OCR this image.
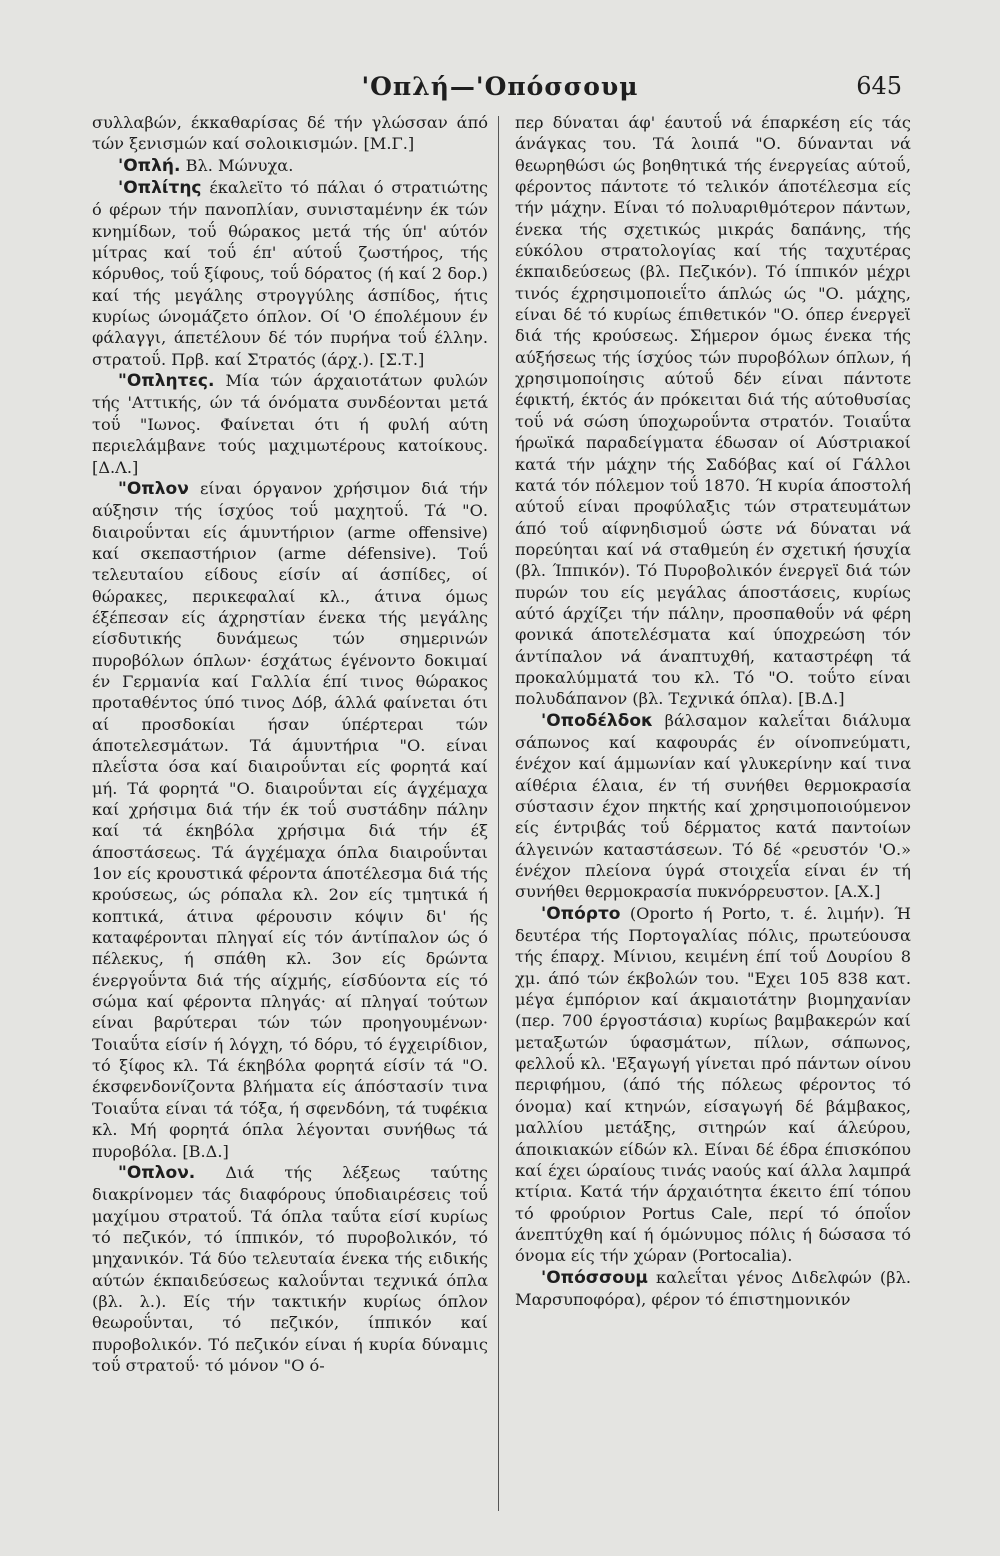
'Οπλή—'Οπόσσουμ	645

συλλαβών, έκκαθαρίσας δέ τήν γλώσσαν άπό τών ξενισμών καί σολοικισμών. [Μ.Γ.]

'Οπλή. Βλ. Μώνυχα.

'Οπλίτης έκαλεϊτο τό πάλαι ό στρατιώτης ό φέρων τήν πανοπλίαν, συνισταμένην έκ τών κνημίδων, τοΰ θώρακος μετά τής ύπ' αύτόν μίτρας καί τοΰ έπ' αύτοΰ ζωστήρος, τής κόρυθος, τοΰ ξίφους, τοΰ δόρατος (ή καί 2 δορ.) καί τής μεγάλης στρογγύλης άσπίδος, ήτις κυρίως ώνομάζετο όπλον. Οί 'Ο έπολέμουν έν φάλαγγι, άπετέλουν δέ τόν πυρήνα τοΰ έλλην. στρατοΰ. Πρβ. καί Στρατός (άρχ.). [Σ.Τ.]

"Οπλητες. Μία τών άρχαιοτάτων φυλών τής 'Αττικής, ών τά όνόματα συνδέονται μετά τοΰ "Ιωνος. Φαίνεται ότι ή φυλή αύτη περιελάμβανε τούς μαχιμωτέρους κατοίκους. [Δ.Λ.]

"Οπλον είναι όργανον χρήσιμον διά τήν αύξησιν τής ίσχύος τοΰ μαχητοΰ. Τά "Ο. διαιροΰνται είς άμυντήριον (arme offensive) καί σκεπαστήριον (arme défensive). Τοΰ τελευταίου είδους είσίν αί άσπίδες, οί θώρακες, περικεφαλαί κλ., άτινα όμως έξέπεσαν είς άχρηστίαν ένεκα τής μεγάλης είσδυτικής δυνάμεως τών σημερινών πυροβόλων όπλων· έσχάτως έγένοντο δοκιμαί έν Γερμανία καί Γαλλία έπί τινος θώρακος προταθέντος ύπό τινος Δόβ, άλλά φαίνεται ότι αί προσδοκίαι ήσαν ύπέρτεραι τών άποτελεσμάτων. Τά άμυντήρια "Ο. είναι πλεΐστα όσα καί διαιροΰνται είς φορητά καί μή. Τά φορητά "Ο. διαιροΰνται είς άγχέμαχα καί χρήσιμα διά τήν έκ τοΰ συστάδην πάλην καί τά έκηβόλα χρήσιμα διά τήν έξ άποστάσεως. Τά άγχέμαχα όπλα διαιροΰνται 1ον είς κρουστικά φέροντα άποτέλεσμα διά τής κρούσεως, ώς ρόπαλα κλ. 2ον είς τμητικά ή κοπτικά, άτινα φέρουσιν κόψιν δι' ής καταφέρονται πληγαί είς τόν άντίπαλον ώς ό πέλεκυς, ή σπάθη κλ. 3ον είς δρώντα ένεργοΰντα διά τής αίχμής, είσδύοντα είς τό σώμα καί φέροντα πληγάς· αί πληγαί τούτων είναι βαρύτεραι τών τών προηγουμένων· Τοιαΰτα είσίν ή λόγχη, τό δόρυ, τό έγχειρίδιον, τό ξίφος κλ. Τά έκηβόλα φορητά είσίν τά "Ο. έκσφενδονίζοντα βλήματα είς άπόστασίν τινα Τοιαΰτα είναι τά τόξα, ή σφενδόνη, τά τυφέκια κλ. Μή φορητά όπλα λέγονται συνήθως τά πυροβόλα. [Β.Δ.]

"Οπλον. Διά τής λέξεως ταύτης διακρίνομεν τάς διαφόρους ύποδιαιρέσεις τοΰ μαχίμου στρατοΰ. Τά όπλα ταΰτα είσί κυρίως τό πεζικόν, τό ίππικόν, τό πυροβολικόν, τό μηχανικόν. Τά δύο τελευταία ένεκα τής ειδικής αύτών έκπαιδεύσεως καλοΰνται τεχνικά όπλα (βλ. λ.). Είς τήν τακτικήν κυρίως όπλον θεωροΰνται, τό πεζικόν, ίππικόν καί πυροβολικόν. Τό πεζικόν είναι ή κυρία δύναμις τοΰ στρατοΰ· τό μόνον "Ο ό-

περ δύναται άφ' έαυτοΰ νά έπαρκέση είς τάς άνάγκας του. Τά λοιπά "Ο. δύνανται νά θεωρηθώσι ώς βοηθητικά τής ένεργείας αύτοΰ, φέροντος πάντοτε τό τελικόν άποτέλεσμα είς τήν μάχην. Είναι τό πολυαριθμότερον πάντων, ένεκα τής σχετικώς μικράς δαπάνης, τής εύκόλου στρατολογίας καί τής ταχυτέρας έκπαιδεύσεως (βλ. Πεζικόν). Τό ίππικόν μέχρι τινός έχρησιμοποιεΐτο άπλώς ώς "Ο. μάχης, είναι δέ τό κυρίως έπιθετικόν "Ο. όπερ ένεργεϊ διά τής κρούσεως. Σήμερον όμως ένεκα τής αύξήσεως τής ίσχύος τών πυροβόλων όπλων, ή χρησιμοποίησις αύτοΰ δέν είναι πάντοτε έφικτή, έκτός άν πρόκειται διά τής αύτοθυσίας τοΰ νά σώση ύποχωροΰντα στρατόν. Τοιαΰτα ήρωϊκά παραδείγματα έδωσαν οί Αύστριακοί κατά τήν μάχην τής Σαδόβας καί οί Γάλλοι κατά τόν πόλεμον τοΰ 1870. Ή κυρία άποστολή αύτοΰ είναι προφύλαξις τών στρατευμάτων άπό τοΰ αίφνηδισμοΰ ώστε νά δύναται νά πορεύηται καί νά σταθμεύη έν σχετική ήσυχία (βλ. Ίππικόν). Τό Πυροβολικόν ένεργεϊ διά τών πυρών του είς μεγάλας άποστάσεις, κυρίως αύτό άρχίζει τήν πάλην, προσπαθοΰν νά φέρη φονικά άποτελέσματα καί ύποχρεώση τόν άντίπαλον νά άναπτυχθή, καταστρέφη τά προκαλύμματά του κλ. Τό "Ο. τοΰτο είναι πολυδάπανον (βλ. Τεχνικά όπλα). [Β.Δ.]

'Οποδέλδοκ βάλσαμον καλεΐται διάλυμα σάπωνος καί καφουράς έν οίνοπνεύματι, ένέχον καί άμμωνίαν καί γλυκερίνην καί τινα αίθέρια έλαια, έν τή συνήθει θερμοκρασία σύστασιν έχον πηκτής καί χρησιμοποιούμενον είς έντριβάς τοΰ δέρματος κατά παντοίων άλγεινών καταστάσεων. Τό δέ «ρευστόν 'Ο.» ένέχον πλείονα ύγρά στοιχεΐα είναι έν τή συνήθει θερμοκρασία πυκνόρρευστον. [Α.Χ.]

'Οπόρτο (Oporto ή Porto, τ. έ. λιμήν). Ή δευτέρα τής Πορτογαλίας πόλις, πρωτεύουσα τής έπαρχ. Μίνιου, κειμένη έπί τοΰ Δουρίου 8 χμ. άπό τών έκβολών του. "Εχει 105 838 κατ. μέγα έμπόριον καί άκμαιοτάτην βιομηχανίαν (περ. 700 έργοστάσια) κυρίως βαμβακερών καί μεταξωτών ύφασμάτων, πίλων, σάπωνος, φελλοΰ κλ. 'Εξαγωγή γίνεται πρό πάντων οίνου περιφήμου, (άπό τής πόλεως φέροντος τό όνομα) καί κτηνών, είσαγωγή δέ βάμβακος, μαλλίου μετάξης, σιτηρών καί άλεύρου, άποικιακών είδών κλ. Είναι δέ έδρα έπισκόπου καί έχει ώραίους τινάς ναούς καί άλλα λαμπρά κτίρια. Κατά τήν άρχαιότητα έκειτο έπί τόπου τό φρούριον Portus Cale, περί τό όποΐον άνεπτύχθη καί ή όμώνυμος πόλις ή δώσασα τό όνομα είς τήν χώραν (Portocalia).

'Οπόσσουμ καλεΐται γένος Διδελφών (βλ. Μαρσυποφόρα), φέρον τό έπιστημονικόν
